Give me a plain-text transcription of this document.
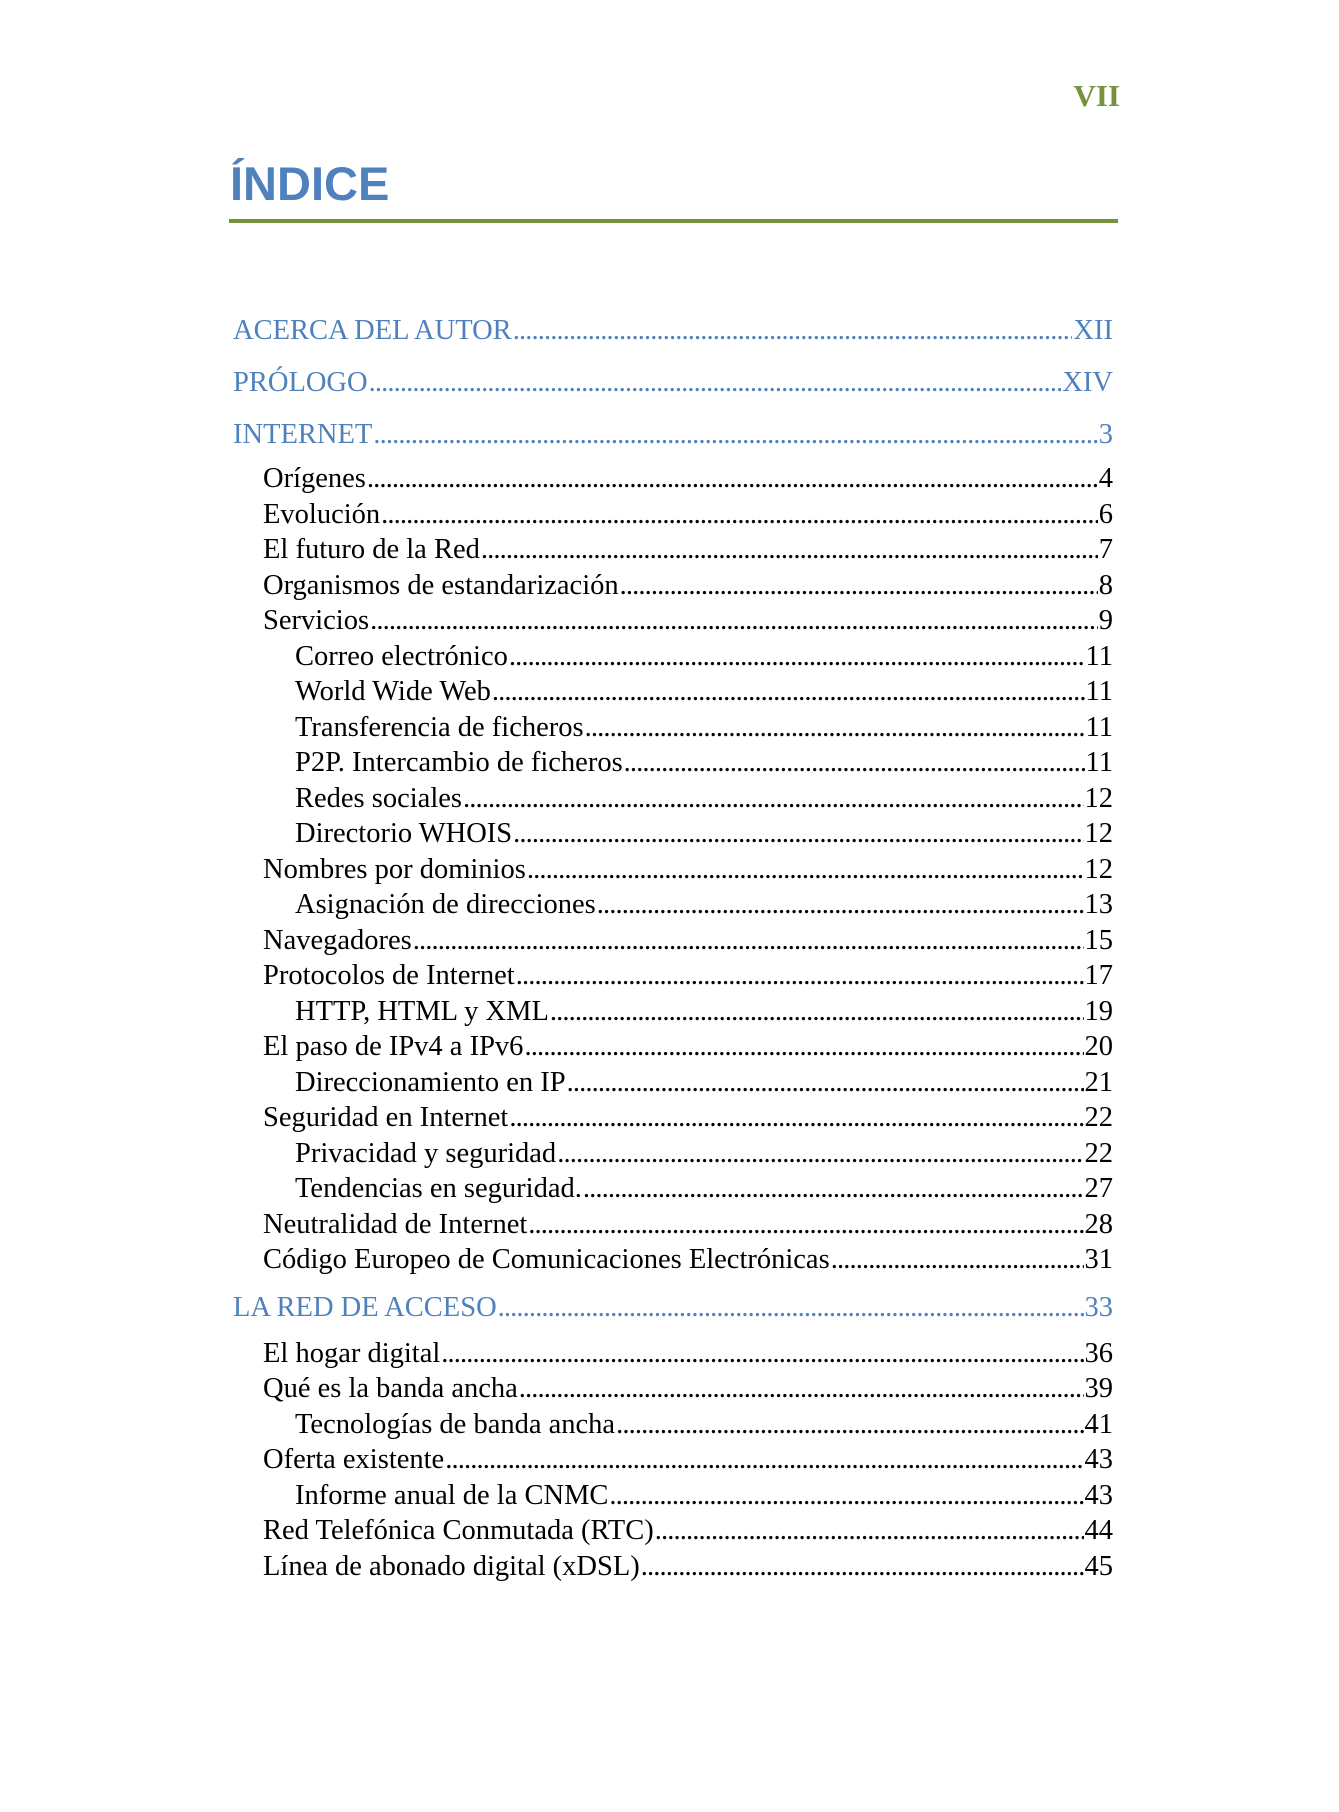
VII
ÍNDICE
ACERCA DEL AUTOR . . .	XII
PRÓLOGO . . .	XIV
INTERNET . . .	3
Orígenes . . .	4
Evolución . . .	6
El futuro de la Red . . .	7
Organismos de estandarización . . .	8
Servicios . . .	9
Correo electrónico . . .	11
World Wide Web . . .	11
Transferencia de ficheros . . .	11
P2P. Intercambio de ficheros . . .	11
Redes sociales . . .	12
Directorio WHOIS . . .	12
Nombres por dominios . . .	12
Asignación de direcciones . . .	13
Navegadores . . .	15
Protocolos de Internet . . .	17
HTTP, HTML y XML . . .	19
El paso de IPv4 a IPv6 . . .	20
Direccionamiento en IP . . .	21
Seguridad en Internet . . .	22
Privacidad y seguridad . . .	22
Tendencias en seguridad. . . .	27
Neutralidad de Internet . . .	28
Código Europeo de Comunicaciones Electrónicas . . .	31
LA RED DE ACCESO . . .	33
El hogar digital . . .	36
Qué es la banda ancha . . .	39
Tecnologías de banda ancha . . .	41
Oferta existente . . .	43
Informe anual de la CNMC . . .	43
Red Telefónica Conmutada (RTC) . . .	44
Línea de abonado digital (xDSL) . . .	45
